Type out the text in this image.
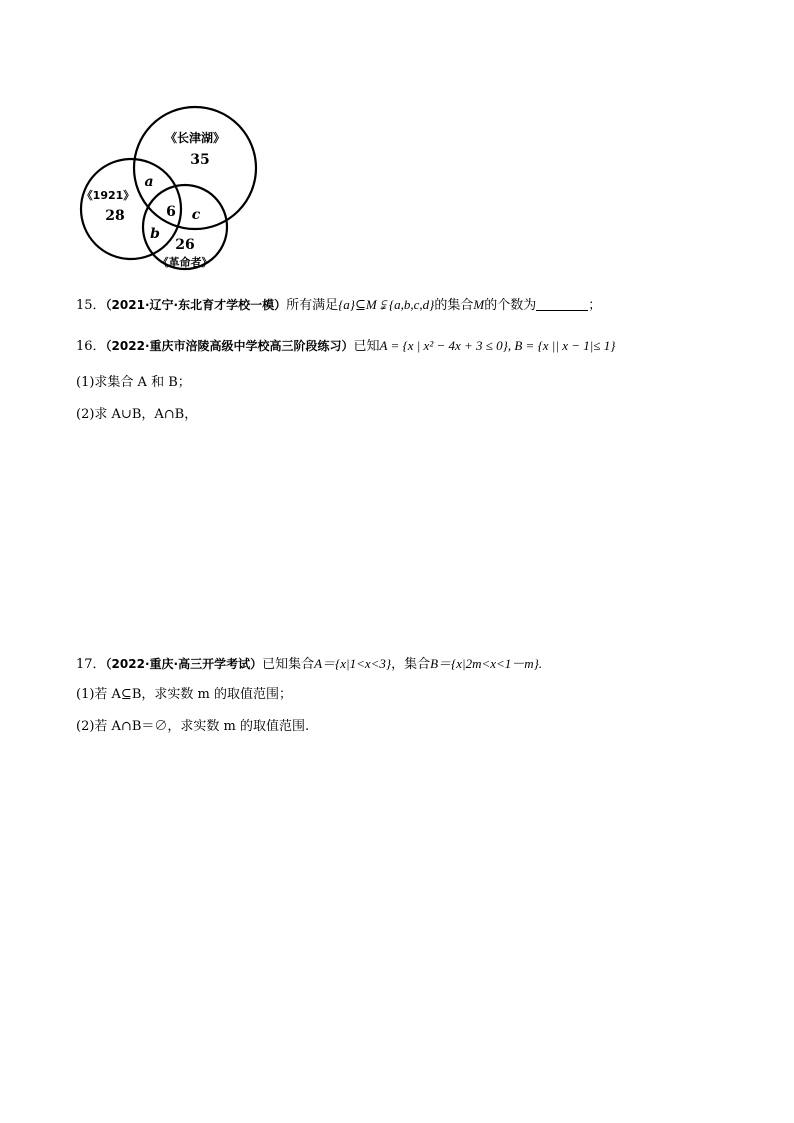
《长津湖》
35
《1921》
28
26
《革命者》
a
6
b
c
15．（2021·辽宁·东北育才学校一模）所有满足{a}⊆M ⫋ {a,b,c,d}的集合M的个数为	；
16．（2022·重庆市涪陵高级中学校高三阶段练习）已知A = {x | x² − 4x + 3 ≤ 0}, B = {x || x − 1|≤ 1}
(1)求集合 A 和 B；
(2)求 A∪B，A∩B，
17．（2022·重庆·高三开学考试）已知集合A＝{x|1<x<3}，集合B＝{x|2m<x<1－m}.
(1)若 A⊆B，求实数 m 的取值范围；
(2)若 A∩B＝∅，求实数 m 的取值范围.
